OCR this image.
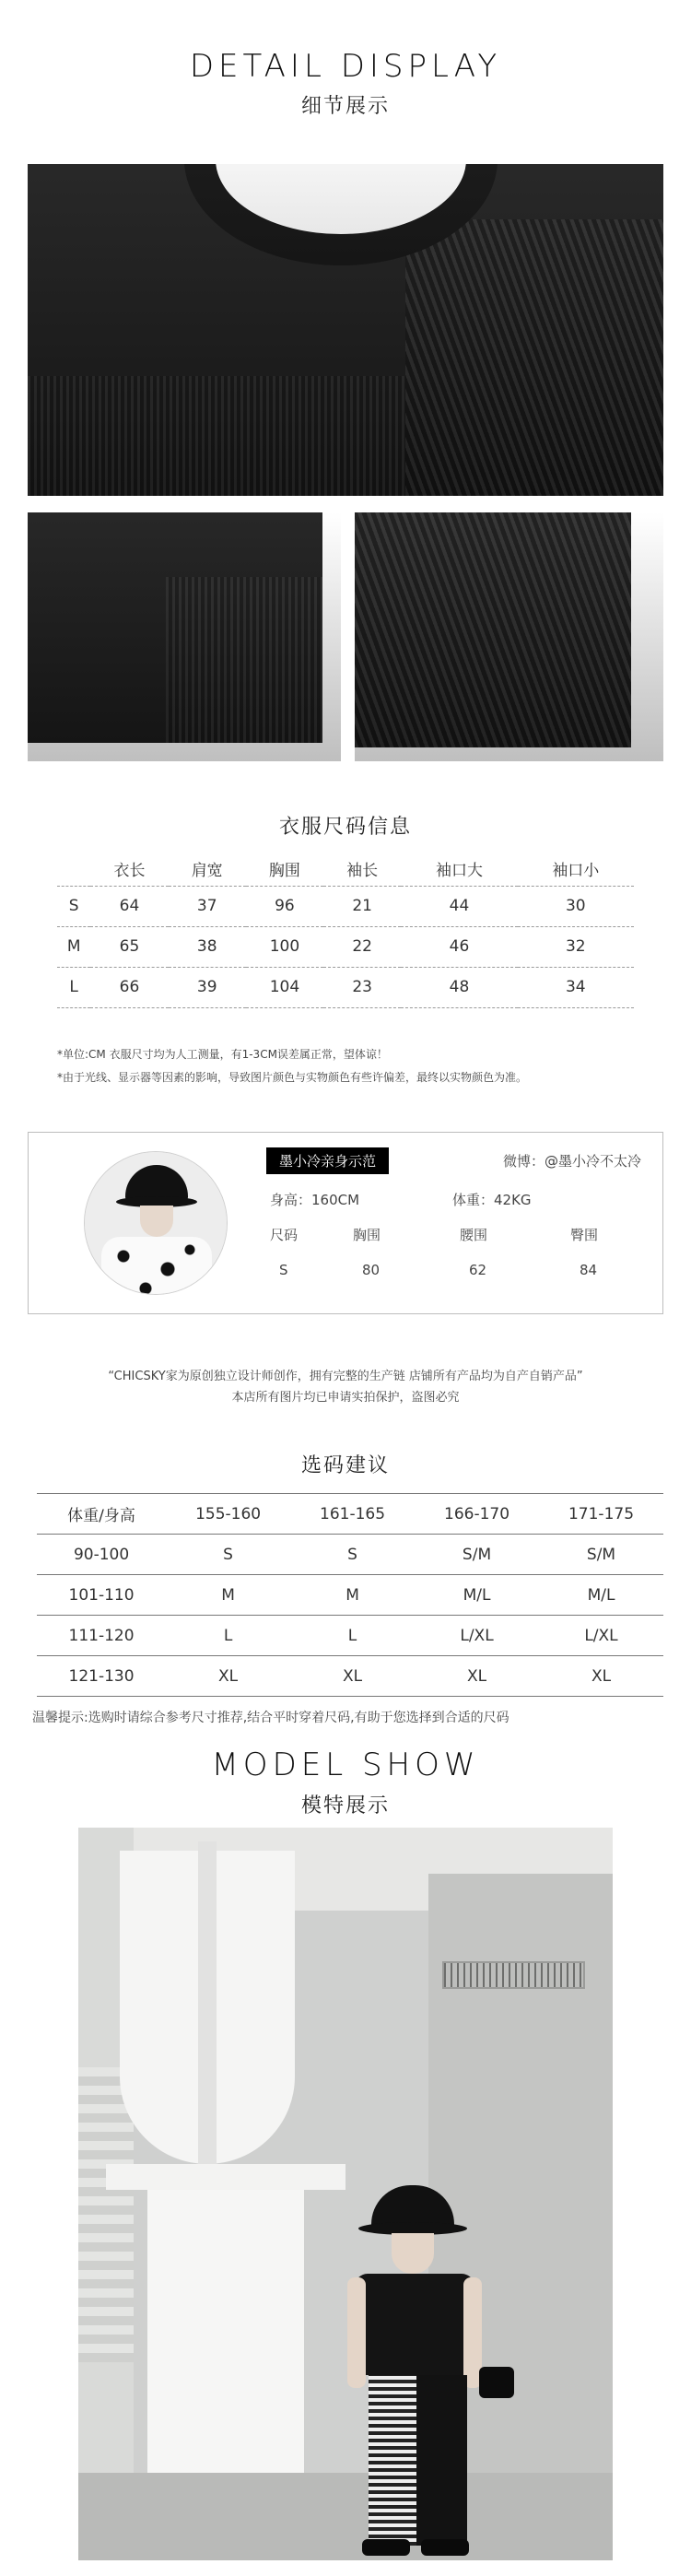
DETAIL DISPLAY
细节展示
衣服尺码信息
	衣长	肩宽	胸围	袖长	袖口大	袖口小
S	64	37	96	21	44	30
M	65	38	100	22	46	32
L	66	39	104	23	48	34
*单位:CM 衣服尺寸均为人工测量，有1-3CM误差属正常，望体谅！
*由于光线、显示器等因素的影响，导致图片颜色与实物颜色有些许偏差，最终以实物颜色为准。
墨小冷亲身示范	微博：@墨小冷不太冷
身高：160CM	体重：42KG
尺码	胸围	腰围	臀围
S	80	62	84
“CHICSKY家为原创独立设计师创作，拥有完整的生产链 店铺所有产品均为自产自销产品”
本店所有图片均已申请实拍保护，盗图必究
选码建议
体重/身高	155-160	161-165	166-170	171-175
90-100	S	S	S/M	S/M
101-110	M	M	M/L	M/L
111-120	L	L	L/XL	L/XL
121-130	XL	XL	XL	XL
温馨提示:选购时请综合参考尺寸推荐,结合平时穿着尺码,有助于您选择到合适的尺码
MODEL SHOW
模特展示
